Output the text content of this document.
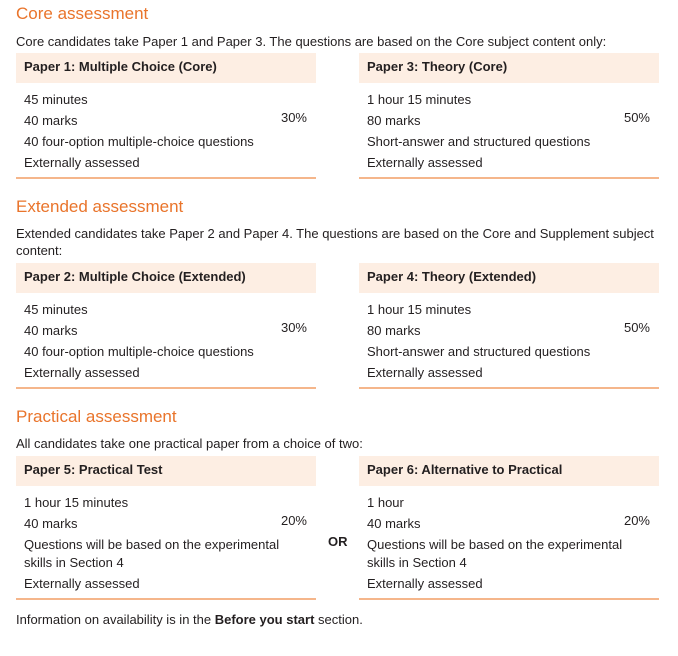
Core assessment
Core candidates take Paper 1 and Paper 3. The questions are based on the Core subject content only:
Paper 1: Multiple Choice (Core)
45 minutes
40 marks
40 four-option multiple-choice questions
Externally assessed
30%
Paper 3: Theory (Core)
1 hour 15 minutes
80 marks
Short-answer and structured questions
Externally assessed
50%
Extended assessment
Extended candidates take Paper 2 and Paper 4. The questions are based on the Core and Supplement subject content:
Paper 2: Multiple Choice (Extended)
45 minutes
40 marks
40 four-option multiple-choice questions
Externally assessed
30%
Paper 4: Theory (Extended)
1 hour 15 minutes
80 marks
Short-answer and structured questions
Externally assessed
50%
Practical assessment
All candidates take one practical paper from a choice of two:
Paper 5: Practical Test
1 hour 15 minutes
40 marks
Questions will be based on the experimental skills in Section 4
Externally assessed
20%
OR
Paper 6: Alternative to Practical
1 hour
40 marks
Questions will be based on the experimental skills in Section 4
Externally assessed
20%
Information on availability is in the Before you start section.
